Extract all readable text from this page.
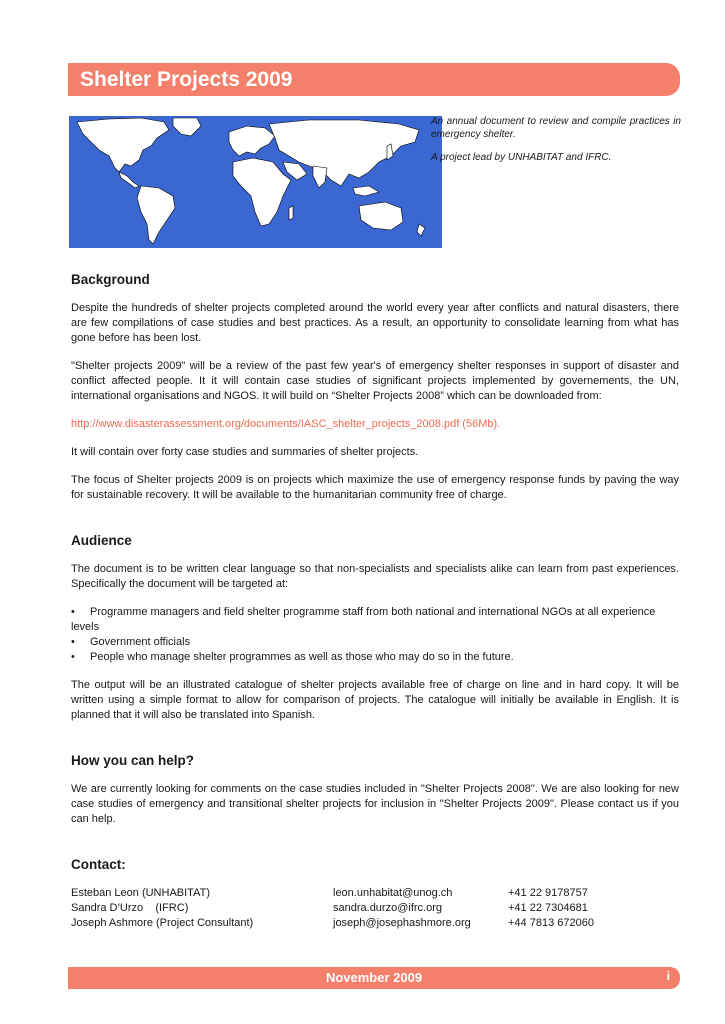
Shelter Projects 2009

An annual document to review and compile practices in emergency shelter.

A project lead by UNHABITAT and IFRC.

Background

Despite the hundreds of shelter projects completed around the world every year after conflicts and natural disasters, there are few compilations of case studies and best practices. As a result, an opportunity to consolidate learning from what has gone before has been lost.

"Shelter projects 2009" will be a review of the past few year's of emergency shelter responses in support of disaster and conflict affected people. It it will contain case studies of significant projects implemented by governements, the UN, international organisations and NGOS. It will build on “Shelter Projects 2008” which can be downloaded from:

http://www.disasterassessment.org/documents/IASC_shelter_projects_2008.pdf (56Mb).

It will contain over forty case studies and summaries of shelter projects.

The focus of Shelter projects 2009 is on projects which maximize the use of emergency response funds by paving the way for sustainable recovery. It will be available to the humanitarian community free of charge.

Audience

The document is to be written clear language so that non-specialists and specialists alike can learn from past experiences. Specifically the document will be targeted at:

• Programme managers and field shelter programme staff from both national and international NGOs at all experience levels
• Government officials
• People who manage shelter programmes as well as those who may do so in the future.

The output will be an illustrated catalogue of shelter projects available free of charge on line and in hard copy. It will be written using a simple format to allow for comparison of projects. The catalogue will initially be available in English. It is planned that it will also be translated into Spanish.

How you can help?

We are currently looking for comments on the case studies included in "Shelter Projects 2008". We are also looking for new case studies of emergency and transitional shelter projects for inclusion in "Shelter Projects 2009". Please contact us if you can help.

Contact:
Esteban Leon (UNHABITAT)	leon.unhabitat@unog.ch	+41 22 9178757
Sandra D’Urzo    (IFRC)	sandra.durzo@ifrc.org	+41 22 7304681
Joseph Ashmore (Project Consultant)	joseph@josephashmore.org	+44 7813 672060
November 2009	i
